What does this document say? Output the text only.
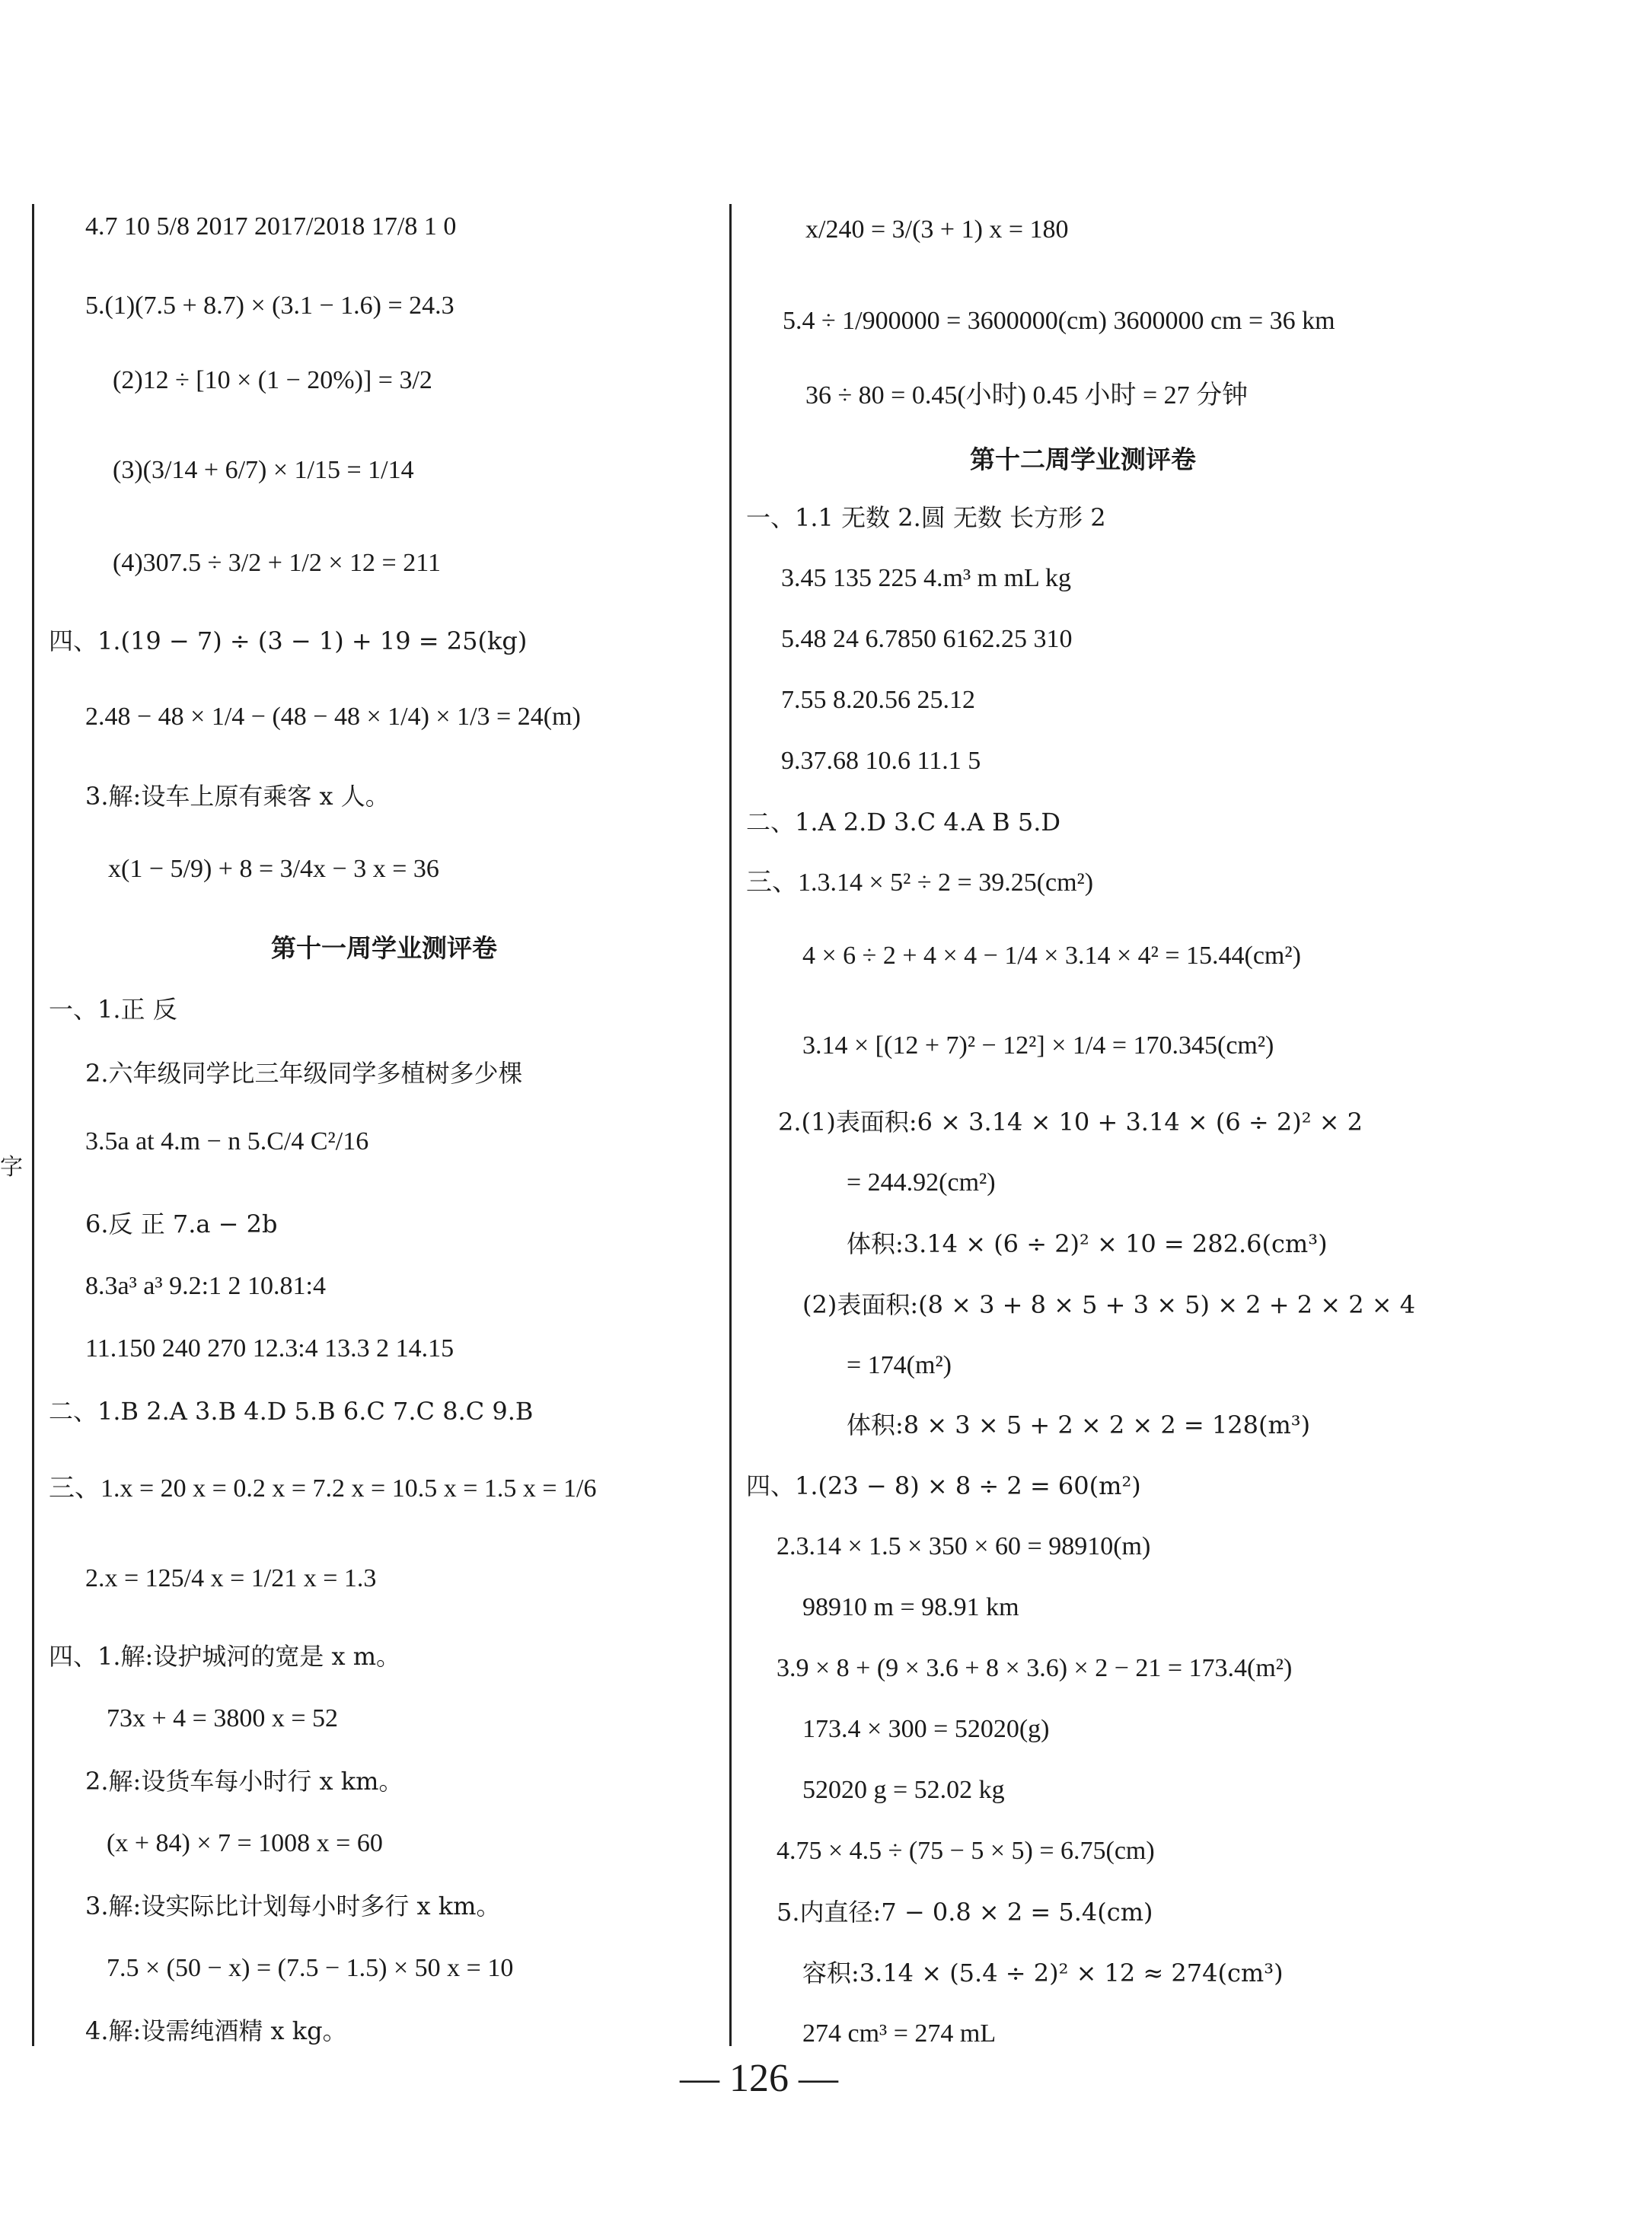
字
4.7 10 5/8 2017 2017/2018 17/8 1 0
5.(1)(7.5 + 8.7) × (3.1 − 1.6) = 24.3
(2)12 ÷ [10 × (1 − 20%)] = 3/2
(3)(3/14 + 6/7) × 1/15 = 1/14
(4)307.5 ÷ 3/2 + 1/2 × 12 = 211
四、1.(19 − 7) ÷ (3 − 1) + 19 = 25(kg)
2.48 − 48 × 1/4 − (48 − 48 × 1/4) × 1/3 = 24(m)
3.解:设车上原有乘客 x 人。
x(1 − 5/9) + 8 = 3/4x − 3 x = 36
第十一周学业测评卷
一、1.正 反
2.六年级同学比三年级同学多植树多少棵
3.5a at 4.m − n 5.C/4 C²/16
6.反 正 7.a − 2b
8.3a³ a³ 9.2:1 2 10.81:4
11.150 240 270 12.3:4 13.3 2 14.15
二、1.B 2.A 3.B 4.D 5.B 6.C 7.C 8.C 9.B
三、1.x = 20 x = 0.2 x = 7.2 x = 10.5 x = 1.5 x = 1/6
2.x = 125/4 x = 1/21 x = 1.3
四、1.解:设护城河的宽是 x m。
73x + 4 = 3800 x = 52
2.解:设货车每小时行 x km。
(x + 84) × 7 = 1008 x = 60
3.解:设实际比计划每小时多行 x km。
7.5 × (50 − x) = (7.5 − 1.5) × 50 x = 10
4.解:设需纯酒精 x kg。
x/240 = 3/(3 + 1) x = 180
5.4 ÷ 1/900000 = 3600000(cm) 3600000 cm = 36 km
36 ÷ 80 = 0.45(小时) 0.45 小时 = 27 分钟
第十二周学业测评卷
一、1.1 无数 2.圆 无数 长方形 2
3.45 135 225 4.m³ m mL kg
5.48 24 6.7850 6162.25 310
7.55 8.20.56 25.12
9.37.68 10.6 11.1 5
二、1.A 2.D 3.C 4.A B 5.D
三、1.3.14 × 5² ÷ 2 = 39.25(cm²)
4 × 6 ÷ 2 + 4 × 4 − 1/4 × 3.14 × 4² = 15.44(cm²)
3.14 × [(12 + 7)² − 12²] × 1/4 = 170.345(cm²)
2.(1)表面积:6 × 3.14 × 10 + 3.14 × (6 ÷ 2)² × 2
= 244.92(cm²)
体积:3.14 × (6 ÷ 2)² × 10 = 282.6(cm³)
(2)表面积:(8 × 3 + 8 × 5 + 3 × 5) × 2 + 2 × 2 × 4
= 174(m²)
体积:8 × 3 × 5 + 2 × 2 × 2 = 128(m³)
四、1.(23 − 8) × 8 ÷ 2 = 60(m²)
2.3.14 × 1.5 × 350 × 60 = 98910(m)
98910 m = 98.91 km
3.9 × 8 + (9 × 3.6 + 8 × 3.6) × 2 − 21 = 173.4(m²)
173.4 × 300 = 52020(g)
52020 g = 52.02 kg
4.75 × 4.5 ÷ (75 − 5 × 5) = 6.75(cm)
5.内直径:7 − 0.8 × 2 = 5.4(cm)
容积:3.14 × (5.4 ÷ 2)² × 12 ≈ 274(cm³)
274 cm³ = 274 mL
— 126 —
